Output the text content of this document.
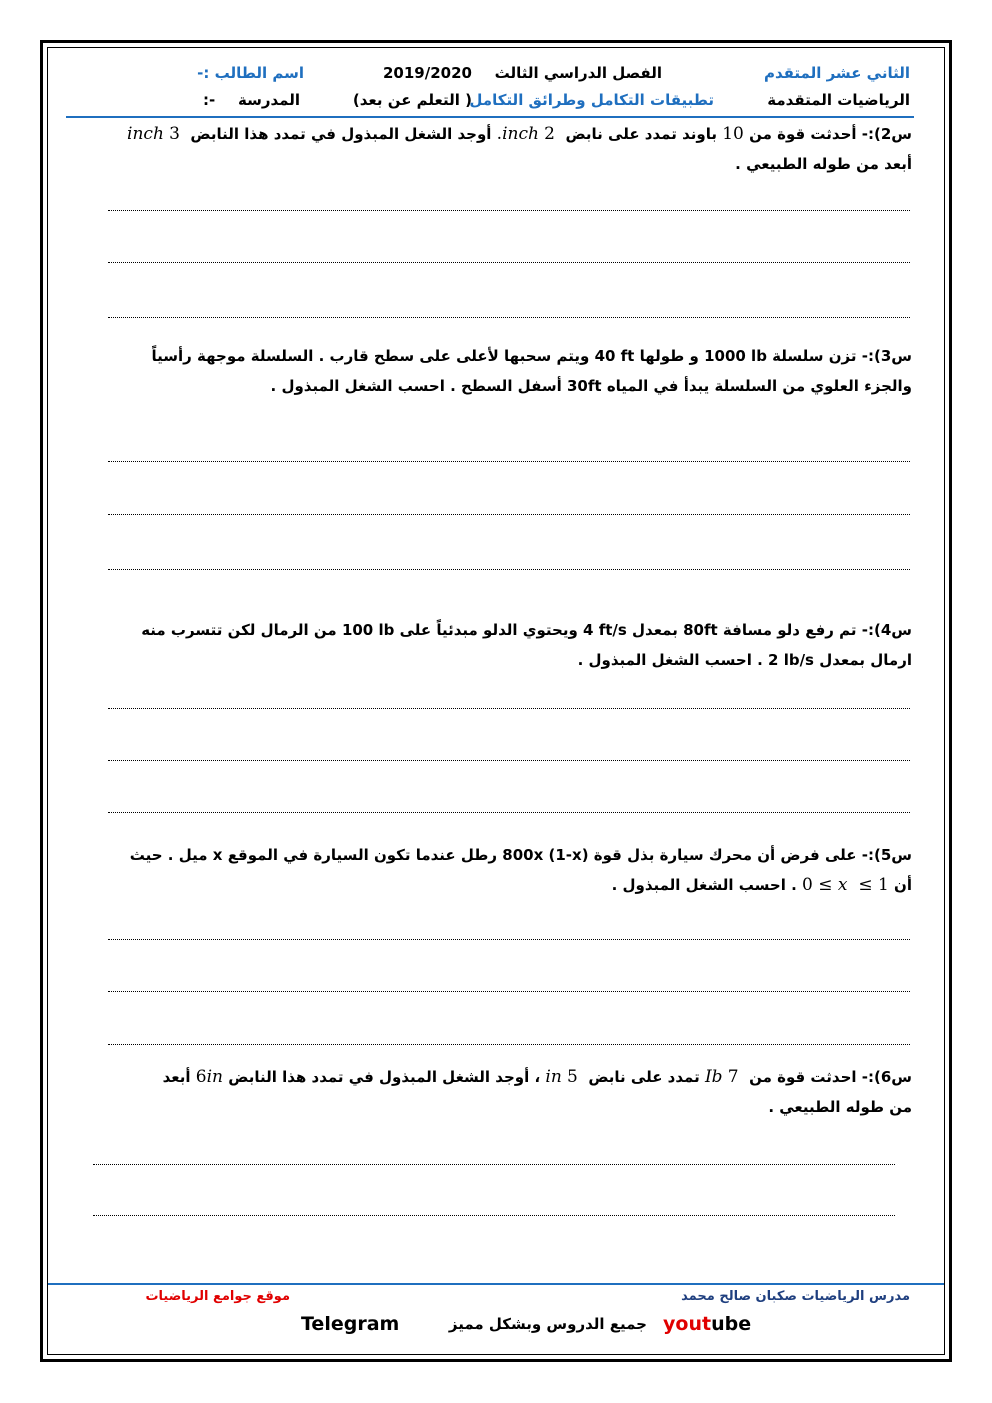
الثاني عشر المتقدم
الفصل الدراسي الثالث
2019/2020
اسم الطالب :-
الرياضيات المتقدمة
تطبيقات التكامل وطرائق التكامل
( التعلم عن بعد)
المدرسة
:-
س2):- أحدثت قوة من 10 باوند تمدد على نابض  inch 2. أوجد الشغل المبذول في تمدد هذا النابض  inch 3
أبعد من طوله الطبيعي .
س3):- تزن سلسلة 1000 lb و طولها 40 ft ويتم سحبها لأعلى على سطح قارب . السلسلة موجهة رأسياً
والجزء العلوي من السلسلة يبدأ في المياه 30ft أسفل السطح . احسب الشغل المبذول .
س4):- تم رفع دلو مسافة 80ft بمعدل 4 ft/s ويحتوي الدلو مبدئياً على 100 lb من الرمال لكن تتسرب منه
ارمال بمعدل 2 lb/s . احسب الشغل المبذول .
س5):- على فرض أن محرك سيارة بذل قوة 800x (1-x) رطل عندما تكون السيارة في الموقع x ميل . حيث
أن 0 ≤ x ≤ 1 . احسب الشغل المبذول .
س6):- احدثت قوة من  Ib 7 تمدد على نابض  in 5 ، أوجد الشغل المبذول في تمدد هذا النابض 6in أبعد
من طوله الطبيعي .
مدرس الرياضيات صكبان صالح محمد
موقع جوامع الرياضيات
youtube
جميع الدروس وبشكل مميز
Telegram
